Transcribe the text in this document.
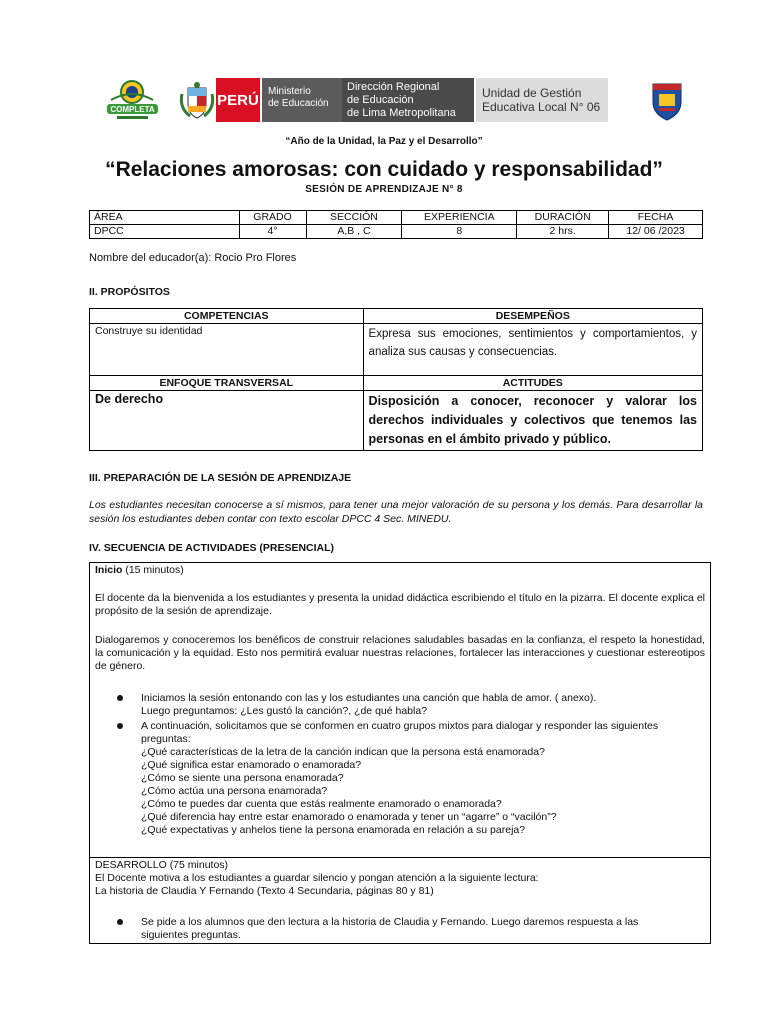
COMPLETA
PERÚ Ministerio
de Educación
Dirección Regional
de Educación
de Lima Metropolitana
Unidad de Gestión
Educativa Local N° 06
“Año de la Unidad, la Paz y el Desarrollo”
“Relaciones amorosas: con cuidado y responsabilidad”
SESIÓN DE APRENDIZAJE N° 8
ÁREA	GRADO	SECCIÓN	EXPERIENCIA	DURACIÓN	FECHA
DPCC	4°	A,B , C	8	2 hrs.	12/ 06 /2023
Nombre del educador(a): Rocio Pro Flores
II. PROPÓSITOS
COMPETENCIAS	DESEMPEÑOS
Construye su identidad	Expresa sus emociones, sentimientos y comportamientos, y analiza sus causas y consecuencias.
ENFOQUE TRANSVERSAL	ACTITUDES
De derecho	Disposición a conocer, reconocer y valorar los derechos individuales y colectivos que tenemos las personas en el ámbito privado y público.
III. PREPARACIÓN DE LA SESIÓN DE APRENDIZAJE
Los estudiantes necesitan conocerse a sí mismos, para tener una mejor valoración de su persona y los demás. Para desarrollar la sesión los estudiantes deben contar con texto escolar DPCC 4 Sec. MINEDU.
IV. SECUENCIA DE ACTIVIDADES (PRESENCIAL)
Inicio (15 minutos)
El docente da la bienvenida a los estudiantes y presenta la unidad didáctica escribiendo el título en la pizarra. El docente explica el propósito de la sesión de aprendizaje.
Dialogaremos y conoceremos los benéficos de construir relaciones saludables basadas en la confianza, el respeto la honestidad, la comunicación y la equidad. Esto nos permitirá evaluar nuestras relaciones, fortalecer las interacciones y cuestionar estereotipos de género.

Iniciamos la sesión entonando con las y los estudiantes una canción que habla de amor. ( anexo).

Luego preguntamos: ¿Les gustó la canción?, ¿de qué habla?

A continuación, solicitamos que se conformen en cuatro grupos mixtos para dialogar y responder las siguientes

preguntas:

¿Qué características de la letra de la canción indican que la persona está enamorada?

¿Qué significa estar enamorado o enamorada?

¿Cómo se siente una persona enamorada?

¿Cómo actúa una persona enamorada?

¿Cómo te puedes dar cuenta que estás realmente enamorado o enamorada?

¿Qué diferencia hay entre estar enamorado o enamorada y tener un “agarre” o “vacilón”?

¿Qué expectativas y anhelos tiene la persona enamorada en relación a su pareja?

DESARROLLO (75 minutos)

El Docente motiva a los estudiantes a guardar silencio y pongan atención a la siguiente lectura:

La historia de Claudia Y Fernando (Texto 4 Secundaria, páginas 80 y 81)

Se pide a los alumnos que den lectura a la historia de Claudia y Fernando. Luego daremos respuesta a las

siguientes preguntas.
